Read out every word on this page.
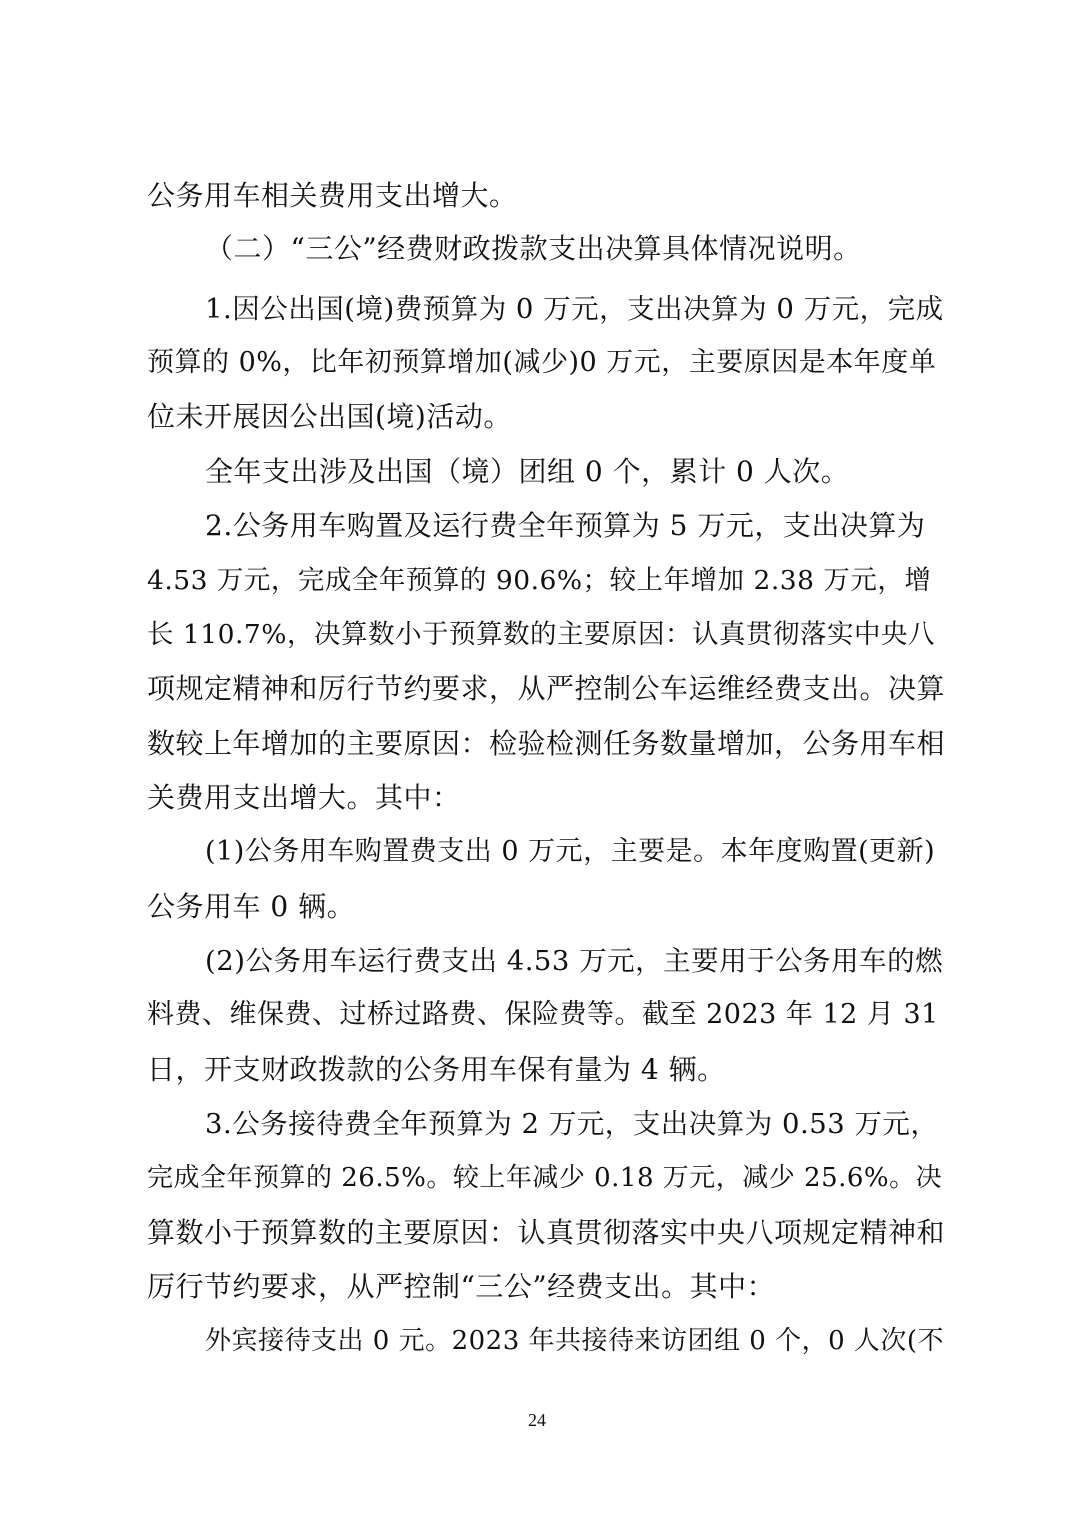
公务用车相关费用支出增大。
（二）“三公”经费财政拨款支出决算具体情况说明。
1.因公出国(境)费预算为 0 万元，支出决算为 0 万元，完成
预算的 0%，比年初预算增加(减少)0 万元，主要原因是本年度单
位未开展因公出国(境)活动。
全年支出涉及出国（境）团组 0 个，累计 0 人次。
2.公务用车购置及运行费全年预算为 5 万元，支出决算为
4.53 万元，完成全年预算的 90.6%；较上年增加 2.38 万元，增
长 110.7%，决算数小于预算数的主要原因：认真贯彻落实中央八
项规定精神和厉行节约要求，从严控制公车运维经费支出。决算
数较上年增加的主要原因：检验检测任务数量增加，公务用车相
关费用支出增大。其中：
(1)公务用车购置费支出 0 万元，主要是。本年度购置(更新)
公务用车 0 辆。
(2)公务用车运行费支出 4.53 万元，主要用于公务用车的燃
料费、维保费、过桥过路费、保险费等。截至 2023 年 12 月 31
日，开支财政拨款的公务用车保有量为 4 辆。
3.公务接待费全年预算为 2 万元，支出决算为 0.53 万元，
完成全年预算的 26.5%。较上年减少 0.18 万元，减少 25.6%。决
算数小于预算数的主要原因：认真贯彻落实中央八项规定精神和
厉行节约要求，从严控制“三公”经费支出。其中：
外宾接待支出 0 元。2023 年共接待来访团组 0 个，0 人次(不
24
